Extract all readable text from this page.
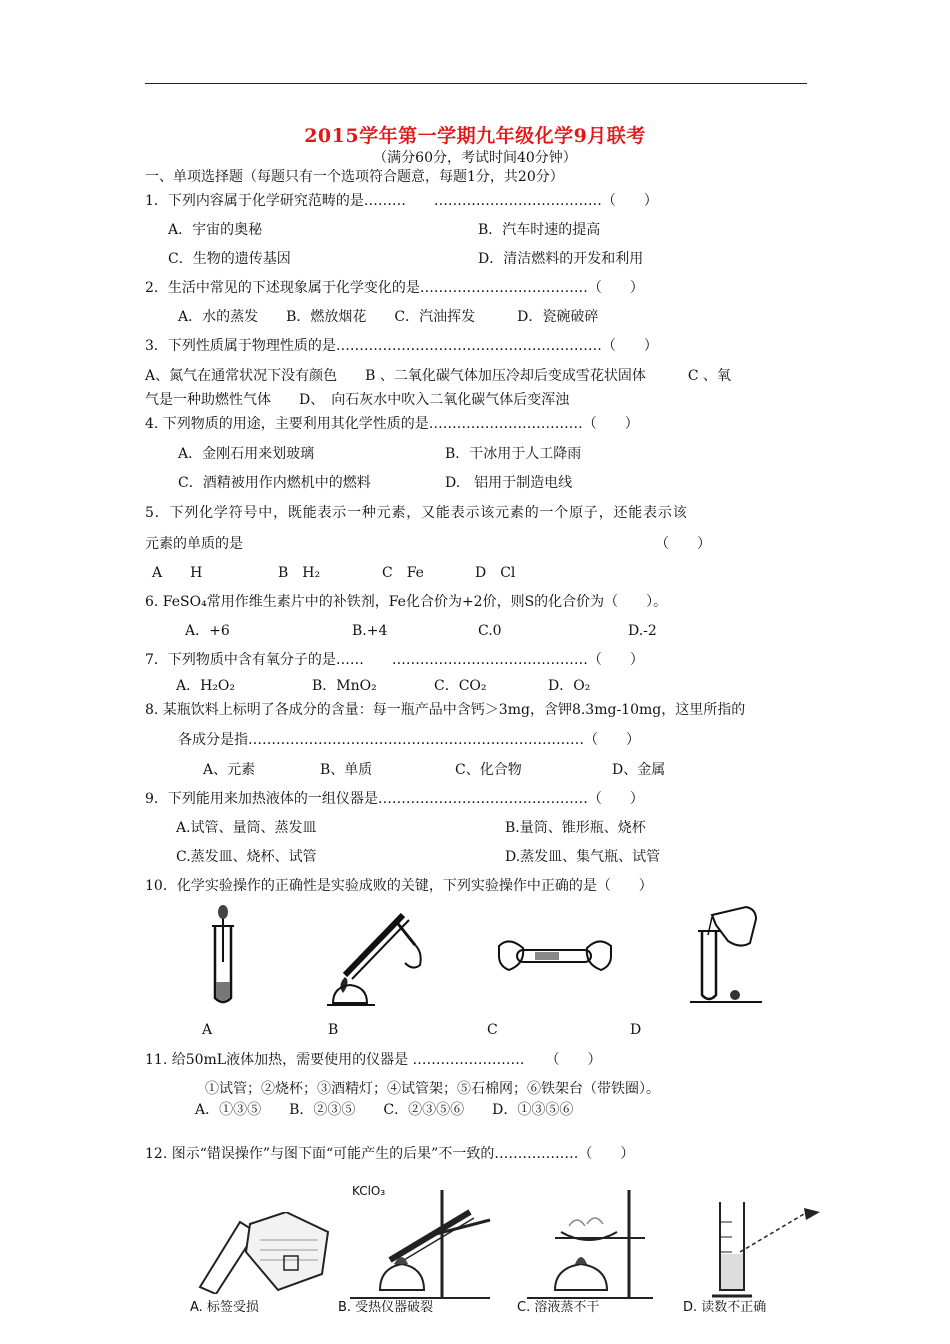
2015学年第一学期九年级化学9月联考
（满分60分，考试时间40分钟）
一、单项选择题（每题只有一个选项符合题意，每题1分，共20分）
1．下列内容属于化学研究范畴的是………　　………………………………（　　）
A．宇宙的奥秘	B．汽车时速的提高
C．生物的遗传基因	D．清洁燃料的开发和利用
2．生活中常见的下述现象属于化学变化的是………………………………（　　）
A．水的蒸发　　B．燃放烟花　　C．汽油挥发　　　D．瓷碗破碎
3．下列性质属于物理性质的是…………………………………………………（　　）
A、氮气在通常状况下没有颜色　　B 、二氧化碳气体加压冷却后变成雪花状固体　　　C 、氧
气是一种助燃性气体　　D、　向石灰水中吹入二氧化碳气体后变浑浊
4. 下列物质的用途，主要利用其化学性质的是……………………………（　　）
A．金刚石用来划玻璃	B．干冰用于人工降雨
C．酒精被用作内燃机中的燃料	D.　铝用于制造电线
5．下列化学符号中，既能表示一种元素，又能表示该元素的一个原子，还能表示该
元素的单质的是	（　　）
A　　H	B　H₂	C　Fe	D　Cl
6. FeSO₄常用作维生素片中的补铁剂，Fe化合价为+2价，则S的化合价为（　　）。
A．+6	B.+4	C.0	D.-2
7．下列物质中含有氧分子的是……　　……………………………………（　　）
A．H₂O₂	B．MnO₂	C．CO₂	D．O₂
8. 某瓶饮料上标明了各成分的含量：每一瓶产品中含钙＞3mg，含钾8.3mg-10mg，这里所指的
各成分是指………………………………………………………………（　　）
A、元素	B、单质	C、化合物	D、金属
9．下列能用来加热液体的一组仪器是………………………………………（　　）
A.试管、量筒、蒸发皿	B.量筒、锥形瓶、烧杯
C.蒸发皿、烧杯、试管	D.蒸发皿、集气瓶、试管
10．化学实验操作的正确性是实验成败的关键，下列实验操作中正确的是（　　）
A	B	C	D
11. 给50mL液体加热，需要使用的仪器是 ……………………　　（　　）
①试管；②烧杯；③酒精灯；④试管架；⑤石棉网；⑥铁架台（带铁圈）。
A．①③⑤　　B．②③⑤　　C．②③⑤⑥　　D．①③⑤⑥
12. 图示“错误操作”与图下面“可能产生的后果”不一致的………………（　　）
KClO₃
A. 标签受损	B. 受热仪器破裂	C. 溶液蒸不干	D. 读数不正确
